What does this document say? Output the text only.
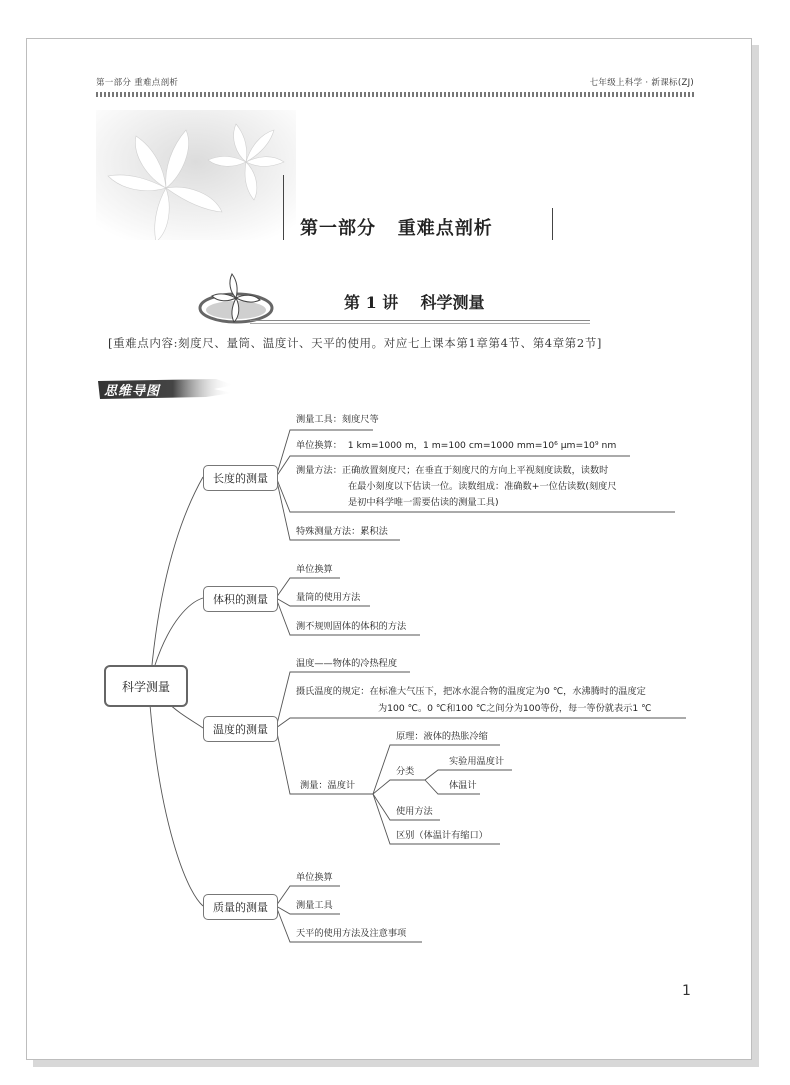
第一部分 重难点剖析	七年级上科学 · 新课标(ZJ)
第一部分   重难点剖析
第 1 讲    科学测量
[重难点内容:刻度尺、量筒、温度计、天平的使用。对应七上课本第1章第4节、第4章第2节]
思维导图
科学测量
长度的测量
体积的测量
温度的测量
质量的测量
测量工具：刻度尺等
单位换算：  1 km=1000 m，1 m=100 cm=1000 mm=10⁶ μm=10⁹ nm
测量方法：正确放置刻度尺；在垂直于刻度尺的方向上平视刻度读数，读数时
在最小刻度以下估读一位。读数组成：准确数+一位估读数(刻度尺
是初中科学唯一需要估读的测量工具)
特殊测量方法：累积法
单位换算
量筒的使用方法
测不规则固体的体积的方法
温度——物体的冷热程度
摄氏温度的规定：在标准大气压下，把冰水混合物的温度定为0 ℃，水沸腾时的温度定
为100 ℃。0 ℃和100 ℃之间分为100等份，每一等份就表示1 ℃
测量：温度计
原理：液体的热胀冷缩
分类
实验用温度计
体温计
使用方法
区别（体温计有缩口）
单位换算
测量工具
天平的使用方法及注意事项
1
